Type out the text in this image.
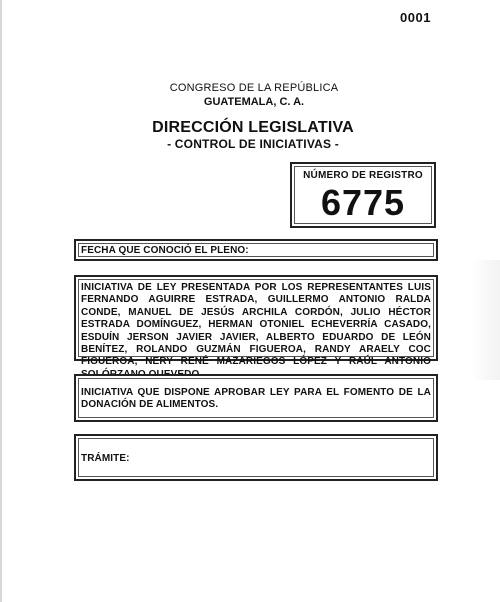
0001
CONGRESO DE LA REPÚBLICA
GUATEMALA, C. A.
DIRECCIÓN LEGISLATIVA
- CONTROL DE INICIATIVAS -
NÚMERO DE REGISTRO
6775
FECHA QUE CONOCIÓ EL PLENO:
INICIATIVA DE LEY PRESENTADA POR LOS REPRESENTANTES LUIS FERNANDO AGUIRRE ESTRADA, GUILLERMO ANTONIO RALDA CONDE, MANUEL DE JESÚS ARCHILA CORDÓN, JULIO HÉCTOR ESTRADA DOMÍNGUEZ, HERMAN OTONIEL ECHEVERRÍA CASADO, ESDUÍN JERSON JAVIER JAVIER, ALBERTO EDUARDO DE LEÓN BENÍTEZ, ROLANDO GUZMÁN FIGUEROA, RANDY ARAELY COC FIGUEROA, NERY RENÉ MAZARIEGOS LÓPEZ Y RAÚL ANTONIO SOLÓRZANO QUEVEDO.
INICIATIVA QUE DISPONE APROBAR LEY PARA EL FOMENTO DE LA DONACIÓN DE ALIMENTOS.
TRÁMITE:
